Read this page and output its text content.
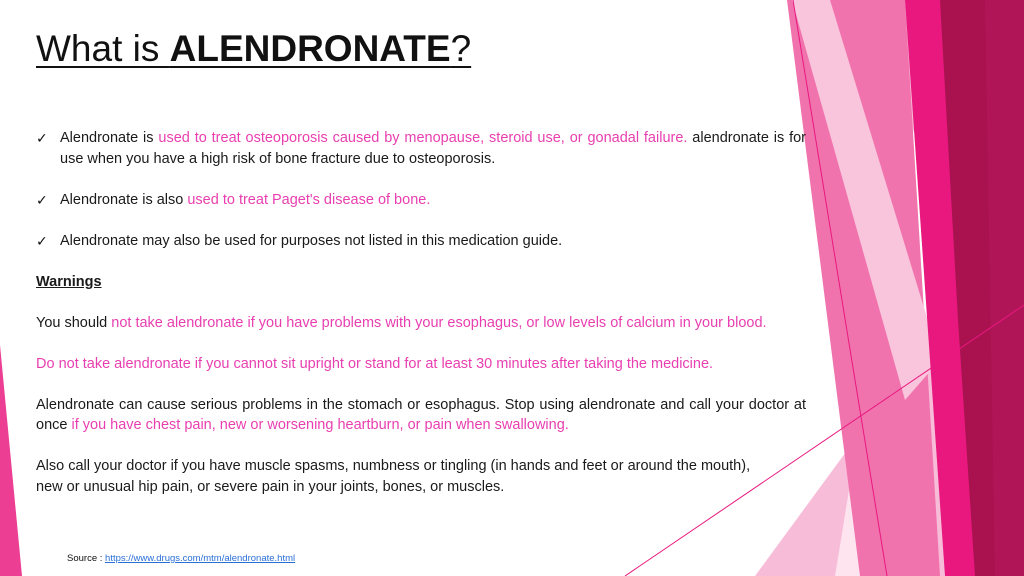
What is ALENDRONATE?
✓ Alendronate is used to treat osteoporosis caused by menopause, steroid use, or gonadal failure. alendronate is for use when you have a high risk of bone fracture due to osteoporosis.
✓ Alendronate is also used to treat Paget's disease of bone.
✓ Alendronate may also be used for purposes not listed in this medication guide.
Warnings

You should not take alendronate if you have problems with your esophagus, or low levels of calcium in your blood.

Do not take alendronate if you cannot sit upright or stand for at least 30 minutes after taking the medicine.

Alendronate can cause serious problems in the stomach or esophagus. Stop using alendronate and call your doctor at once if you have chest pain, new or worsening heartburn, or pain when swallowing.

Also call your doctor if you have muscle spasms, numbness or tingling (in hands and feet or around the mouth), new or unusual hip pain, or severe pain in your joints, bones, or muscles.

Source : https://www.drugs.com/mtm/alendronate.html
